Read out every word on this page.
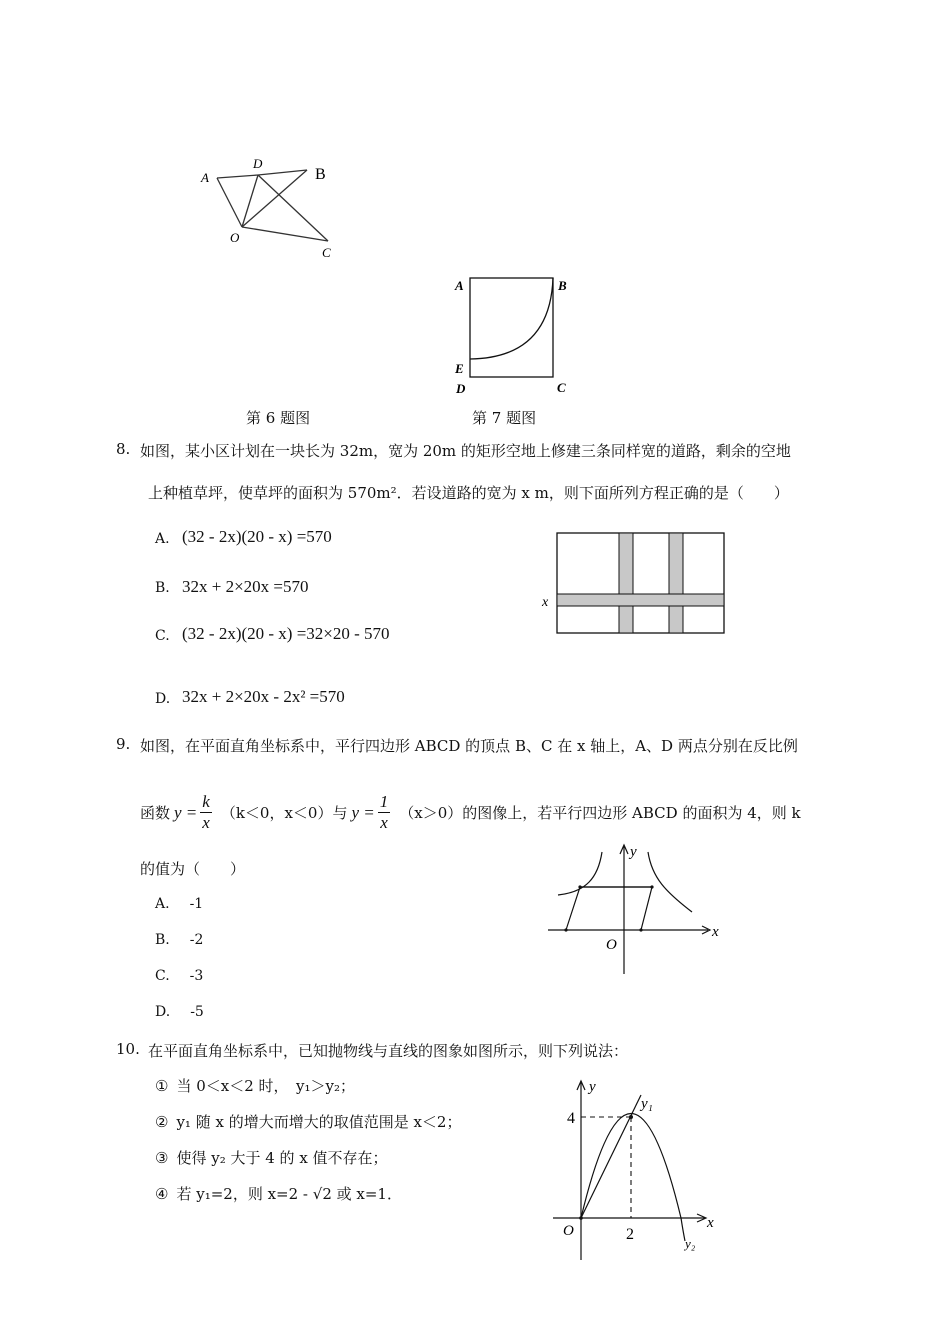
A
D
B
O
C
A	B
E
D	C
第 6 题图	第 7 题图
8. 如图，某小区计划在一块长为 32m，宽为 20m 的矩形空地上修建三条同样宽的道路，剩余的空地
上种植草坪，使草坪的面积为 570m²．若设道路的宽为 x m，则下面所列方程正确的是（　　）
A. (32 - 2x)(20 - x) =570
B. 32x + 2×20x =570
C. (32 - 2x)(20 - x) =32×20 - 570
D. 32x + 2×20x - 2x² =570
x
9. 如图，在平面直角坐标系中，平行四边形 ABCD 的顶点 B、C 在 x 轴上，A、D 两点分别在反比例
函数 $y = \frac{k}{x} (k<0$，x＜0）与 $y = \frac{1}{x} (x>0)$的图像上，若平行四边形 ABCD 的面积为 4，则 k
的值为（　　）
A. -1
B. -2
C. -3
D. -5
x
y
O
10. 在平面直角坐标系中，已知抛物线与直线的图象如图所示，则下列说法：
① 当 0＜x＜2 时，　y₁＞y₂；
② y₁ 随 x 的增大而增大的取值范围是 x＜2；
③ 使得 y₂ 大于 4 的 x 值不存在；
④ 若 y₁=2，则 x=2 - √2 或 x=1．
y
x
O	2
4
y₁
y₂
